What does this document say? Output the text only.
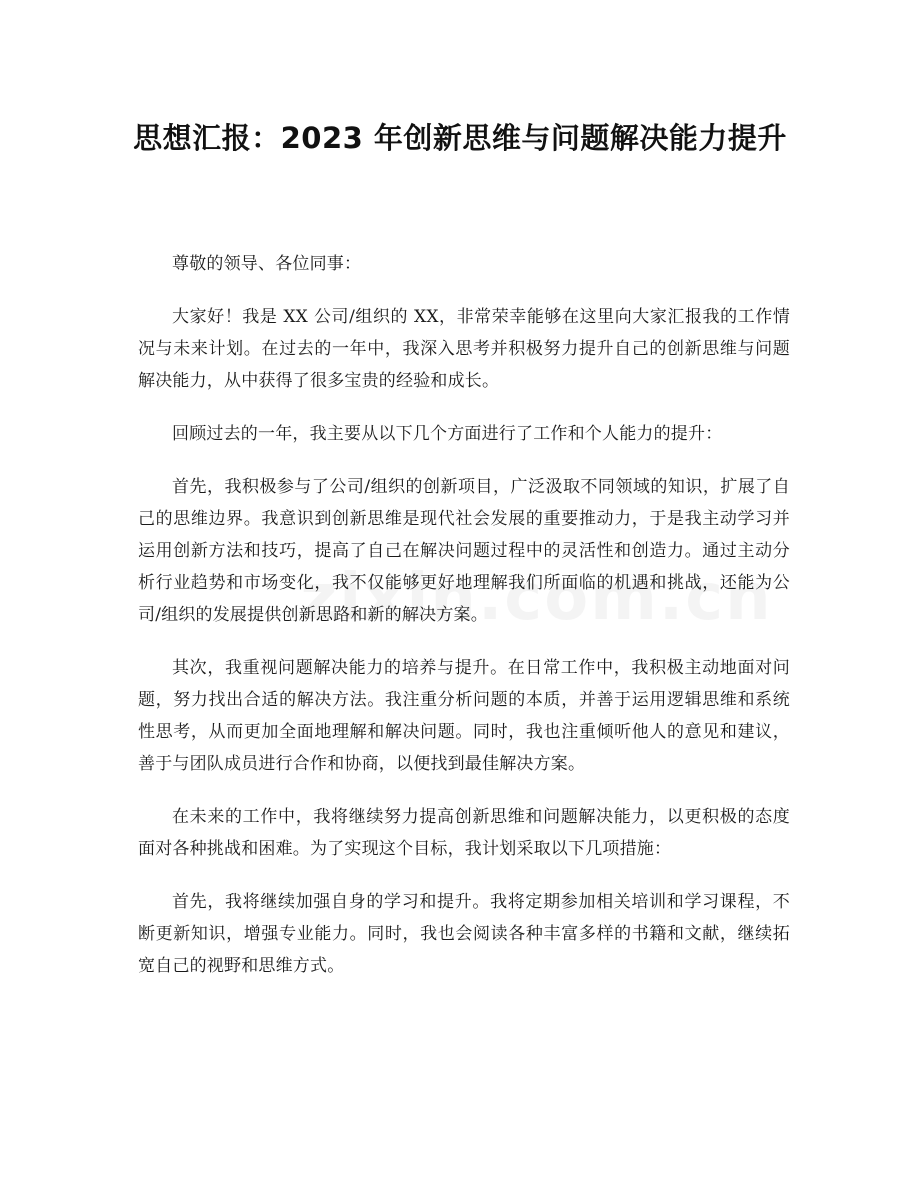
思想汇报：2023 年创新思维与问题解决能力提升

尊敬的领导、各位同事：

大家好！我是 XX 公司/组织的 XX，非常荣幸能够在这里向大家汇报我的工作情况与未来计划。在过去的一年中，我深入思考并积极努力提升自己的创新思维与问题解决能力，从中获得了很多宝贵的经验和成长。

回顾过去的一年，我主要从以下几个方面进行了工作和个人能力的提升：

首先，我积极参与了公司/组织的创新项目，广泛汲取不同领域的知识，扩展了自己的思维边界。我意识到创新思维是现代社会发展的重要推动力，于是我主动学习并运用创新方法和技巧，提高了自己在解决问题过程中的灵活性和创造力。通过主动分析行业趋势和市场变化，我不仅能够更好地理解我们所面临的机遇和挑战，还能为公司/组织的发展提供创新思路和新的解决方案。

其次，我重视问题解决能力的培养与提升。在日常工作中，我积极主动地面对问题，努力找出合适的解决方法。我注重分析问题的本质，并善于运用逻辑思维和系统性思考，从而更加全面地理解和解决问题。同时，我也注重倾听他人的意见和建议，善于与团队成员进行合作和协商，以便找到最佳解决方案。

在未来的工作中，我将继续努力提高创新思维和问题解决能力，以更积极的态度面对各种挑战和困难。为了实现这个目标，我计划采取以下几项措施：

首先，我将继续加强自身的学习和提升。我将定期参加相关培训和学习课程，不断更新知识，增强专业能力。同时，我也会阅读各种丰富多样的书籍和文献，继续拓宽自己的视野和思维方式。
